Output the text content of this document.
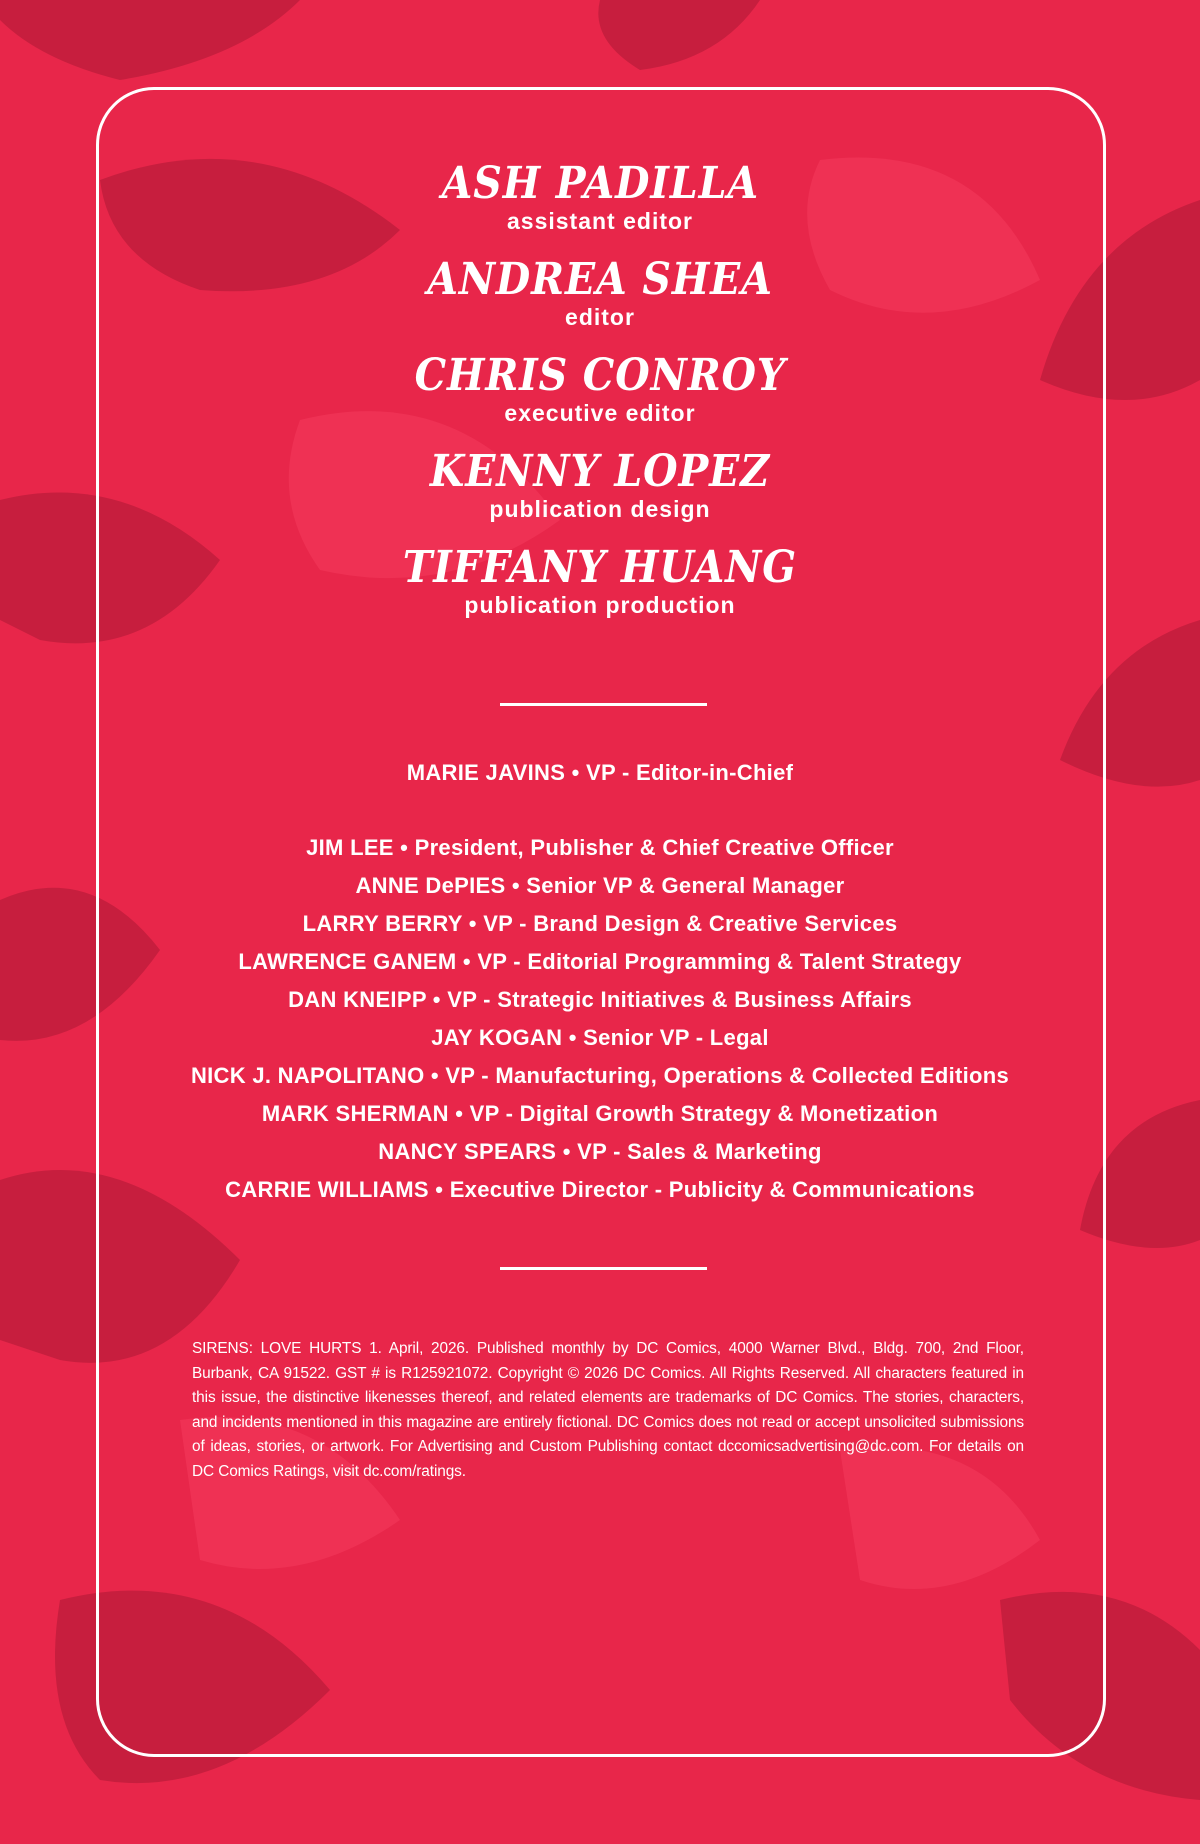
ASH PADILLA
assistant editor
ANDREA SHEA
editor
CHRIS CONROY
executive editor
KENNY LOPEZ
publication design
TIFFANY HUANG
publication production
MARIE JAVINS • VP - Editor-in-Chief
JIM LEE • President, Publisher & Chief Creative Officer
ANNE DePIES • Senior VP & General Manager
LARRY BERRY • VP - Brand Design & Creative Services
LAWRENCE GANEM • VP - Editorial Programming & Talent Strategy
DAN KNEIPP • VP - Strategic Initiatives & Business Affairs
JAY KOGAN • Senior VP - Legal
NICK J. NAPOLITANO • VP - Manufacturing, Operations & Collected Editions
MARK SHERMAN • VP - Digital Growth Strategy & Monetization
NANCY SPEARS • VP - Sales & Marketing
CARRIE WILLIAMS • Executive Director - Publicity & Communications
SIRENS: LOVE HURTS 1. April, 2026. Published monthly by DC Comics, 4000 Warner Blvd., Bldg. 700, 2nd Floor, Burbank, CA 91522. GST # is R125921072. Copyright © 2026 DC Comics. All Rights Reserved. All characters featured in this issue, the distinctive likenesses thereof, and related elements are trademarks of DC Comics. The stories, characters, and incidents mentioned in this magazine are entirely fictional. DC Comics does not read or accept unsolicited submissions of ideas, stories, or artwork. For Advertising and Custom Publishing contact dccomicsadvertising@dc.com. For details on DC Comics Ratings, visit dc.com/ratings.
